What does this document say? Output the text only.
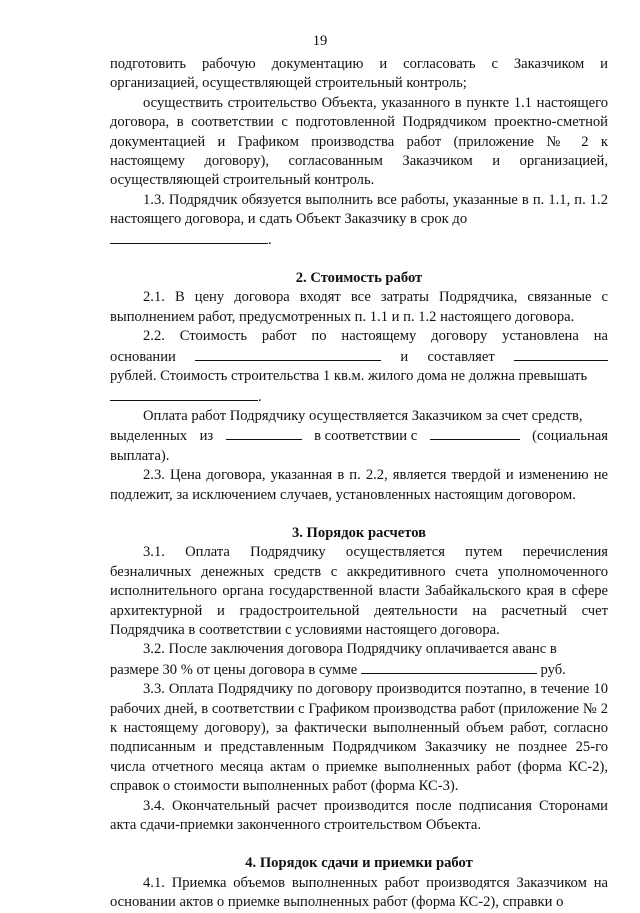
19

подготовить рабочую документацию и согласовать с Заказчиком и организацией, осуществляющей строительный контроль;

осуществить строительство Объекта, указанного в пункте 1.1 настоящего договора, в соответствии с подготовленной Подрядчиком проектно-сметной документацией и Графиком производства работ (приложение № 2 к настоящему договору), согласованным Заказчиком и организацией, осуществляющей строительный контроль.

1.3. Подрядчик обязуется выполнить все работы, указанные в п. 1.1, п. 1.2 настоящего договора, и сдать Объект Заказчику в срок до

.

2. Стоимость работ

2.1. В цену договора входят все затраты Подрядчика, связанные с выполнением работ, предусмотренных п. 1.1 и п. 1.2 настоящего договора.

2.2. Стоимость работ по настоящему договору установлена на

основании	и составляет

рублей. Стоимость строительства 1 кв.м. жилого дома не должна превышать

.

Оплата работ Подрядчику осуществляется Заказчиком за счет средств,

выделенных из	в соответствии с	(социальная

выплата).

2.3. Цена договора, указанная в п. 2.2, является твердой и изменению не подлежит, за исключением случаев, установленных настоящим договором.

3. Порядок расчетов

3.1. Оплата Подрядчику осуществляется путем перечисления безналичных денежных средств с аккредитивного счета уполномоченного исполнительного органа государственной власти Забайкальского края в сфере архитектурной и градостроительной деятельности на расчетный счет Подрядчика в соответствии с условиями настоящего договора.

3.2. После заключения договора Подрядчику оплачивается аванс в

размере 30 % от цены договора в сумме	руб.

3.3. Оплата Подрядчику по договору производится поэтапно, в течение 10 рабочих дней, в соответствии с Графиком производства работ (приложение № 2 к настоящему договору), за фактически выполненный объем работ, согласно подписанным и представленным Подрядчиком Заказчику не позднее 25-го числа отчетного месяца актам о приемке выполненных работ (форма КС-2), справок о стоимости выполненных работ (форма КС-3).

3.4. Окончательный расчет производится после подписания Сторонами акта сдачи-приемки законченного строительством Объекта.

4. Порядок сдачи и приемки работ

4.1. Приемка объемов выполненных работ производятся Заказчиком на основании актов о приемке выполненных работ (форма КС-2), справки о
